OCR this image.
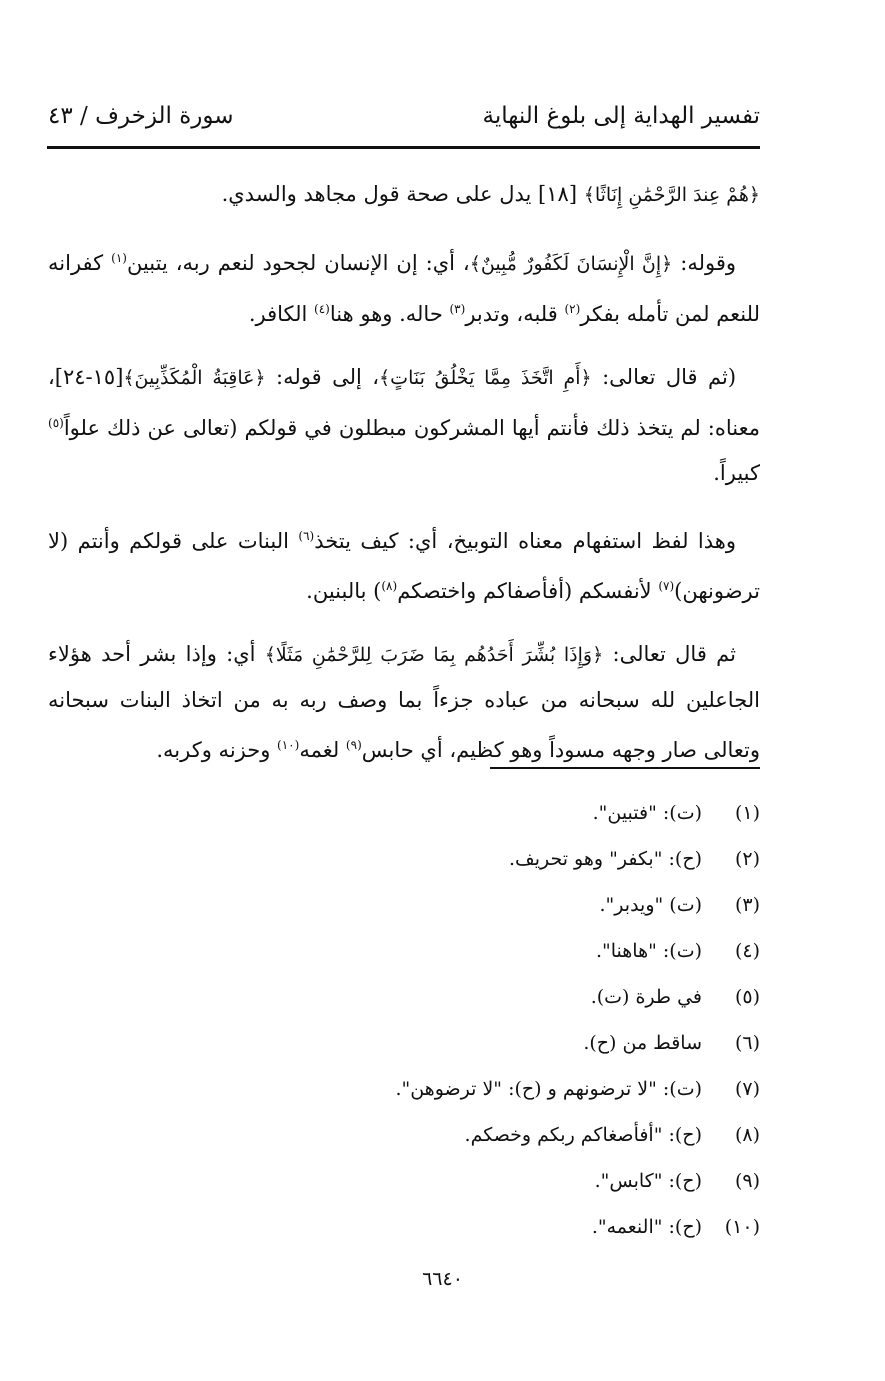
تفسير الهداية إلى بلوغ النهاية
سورة الزخرف / ٤٣

﴿هُمْ عِندَ الرَّحْمَٰنِ إِنَاثًا﴾ [١٨] يدل على صحة قول مجاهد والسدي.

وقوله: ﴿إِنَّ الْإِنسَانَ لَكَفُورٌ مُّبِينٌ﴾، أي: إن الإنسان لجحود لنعم ربه، يتبين$^{(١)}$ كفرانه للنعم لمن تأمله بفكر$^{(٢)}$ قلبه، وتدبر$^{(٣)}$ حاله. وهو هنا$^{(٤)}$ الكافر.

(ثم قال تعالى: ﴿أَمِ اتَّخَذَ مِمَّا يَخْلُقُ بَنَاتٍ﴾، إلى قوله: ﴿عَاقِبَةُ الْمُكَذِّبِينَ﴾[١٥-٢٤]، معناه: لم يتخذ ذلك فأنتم أيها المشركون مبطلون في قولكم (تعالى عن ذلك علواً$^{(٥)}$ كبيراً.

وهذا لفظ استفهام معناه التوبيخ، أي: كيف يتخذ$^{(٦)}$ البنات على قولكم وأنتم (لا ترضونهن)$^{(٧)}$ لأنفسكم (أفأصفاكم واختصكم$^{(٨)}$) بالبنين.

ثم قال تعالى: ﴿وَإِذَا بُشِّرَ أَحَدُهُم بِمَا ضَرَبَ لِلرَّحْمَٰنِ مَثَلًا﴾ أي: وإذا بشر أحد هؤلاء الجاعلين لله سبحانه من عباده جزءاً بما وصف ربه به من اتخاذ البنات سبحانه وتعالى صار وجهه مسوداً وهو كظيم، أي حابس$^{(٩)}$ لغمه$^{(١٠)}$ وحزنه وكربه.

(١)
(ت): "فتبين".
(٢)
(ح): "بكفر" وهو تحريف.
(٣)
(ت) "ويدبر".
(٤)
(ت): "هاهنا".
(٥)
في طرة (ت).
(٦)
ساقط من (ح).
(٧)
(ت): "لا ترضونهم و (ح): "لا ترضوهن".
(٨)
(ح): "أفأصغاكم ربكم وخصكم.
(٩)
(ح): "كابس".
(١٠)
(ح): "النعمه".
٦٦٤٠
